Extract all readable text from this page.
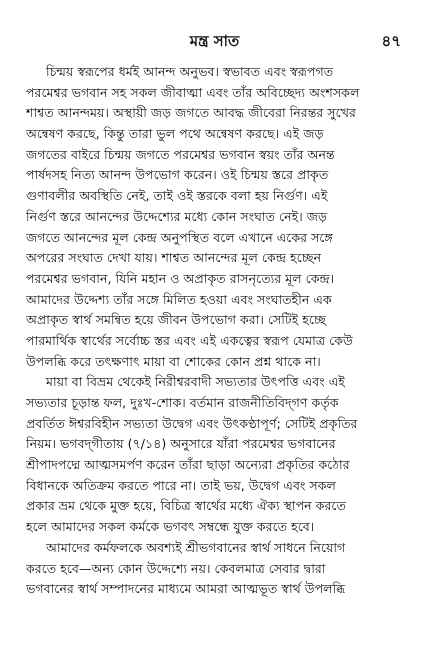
মন্ত্র সাত	৪৭
চিন্ময় স্বরূপের ধর্মই আনন্দ অনুভব। স্বভাবত এবং স্বরূপগত
পরমেশ্বর ভগবান সহ সকল জীবাত্মা এবং তাঁর অবিচ্ছেদ্য অংশসকল
শাশ্বত আনন্দময়। অস্থায়ী জড় জগতে আবদ্ধ জীবেরা নিরন্তর সুখের
অন্বেষণ করছে, কিন্তু তারা ভুল পথে অন্বেষণ করছে। এই জড়
জগতের বাইরে চিন্ময় জগতে পরমেশ্বর ভগবান স্বয়ং তাঁর অনন্ত
পার্ষদসহ নিত্য আনন্দ উপভোগ করেন। ওই চিন্ময় স্তরে প্রাকৃত
গুণাবলীর অবস্থিতি নেই, তাই ওই স্তরকে বলা হয় নির্গুণ। এই
নির্গুণ স্তরে আনন্দের উদ্দেশ্যের মধ্যে কোন সংঘাত নেই। জড়
জগতে আনন্দের মূল কেন্দ্র অনুপস্থিত বলে এখানে একের সঙ্গে
অপরের সংঘাত দেখা যায়। শাশ্বত আনন্দের মূল কেন্দ্র হচ্ছেন
পরমেশ্বর ভগবান, যিনি মহান ও অপ্রাকৃত রাসনৃত্যের মূল কেন্দ্র।
আমাদের উদ্দেশ্য তাঁর সঙ্গে মিলিত হওয়া এবং সংঘাতহীন এক
অপ্রাকৃত স্বার্থ সমন্বিত হয়ে জীবন উপভোগ করা। সেটিই হচ্ছে
পারমার্থিক স্বার্থের সর্বোচ্চ স্তর এবং এই একত্বের স্বরূপ যেমাত্র কেউ
উপলব্ধি করে তৎক্ষণাৎ মায়া বা শোকের কোন প্রশ্ন থাকে না।
মায়া বা বিভ্রম থেকেই নিরীশ্বরবাদী সভ্যতার উৎপত্তি এবং এই
সভ্যতার চূড়ান্ত ফল, দুঃখ-শোক। বর্তমান রাজনীতিবিদ্‌গণ কর্তৃক
প্রবর্তিত ঈশ্বরবিহীন সভ্যতা উদ্বেগ এবং উৎকণ্ঠাপূর্ণ; সেটিই প্রকৃতির
নিয়ম। ভগবদ্‌গীতায় (৭/১৪) অনুসারে যাঁরা পরমেশ্বর ভগবানের
শ্রীপাদপদ্মে আত্মসমর্পণ করেন তাঁরা ছাড়া অন্যেরা প্রকৃতির কঠোর
বিধানকে অতিক্রম করতে পারে না। তাই ভয়, উদ্বেগ এবং সকল
প্রকার ভ্রম থেকে মুক্ত হয়ে, বিচিত্র স্বার্থের মধ্যে ঐক্য স্থাপন করতে
হলে আমাদের সকল কর্মকে ভগবৎ সম্বন্ধে যুক্ত করতে হবে।
আমাদের কর্মফলকে অবশ্যই শ্রীভগবানের স্বার্থ সাধনে নিয়োগ
করতে হবে—অন্য কোন উদ্দেশ্যে নয়। কেবলমাত্র সেবার দ্বারা
ভগবানের স্বার্থ সম্পাদনের মাধ্যমে আমরা আত্মভূত স্বার্থ উপলব্ধি
